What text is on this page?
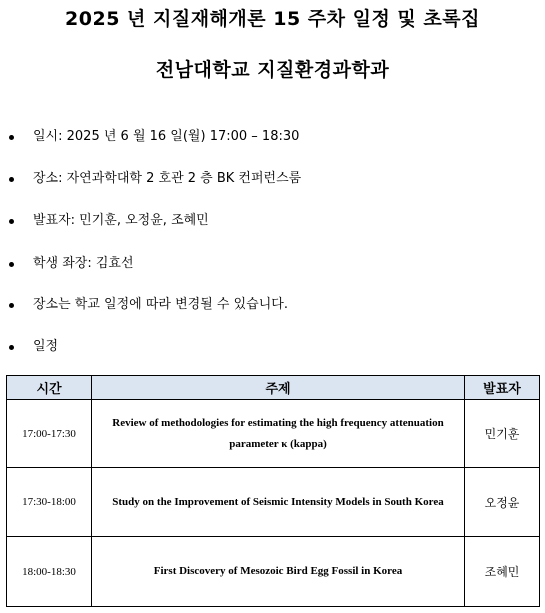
2025 년 지질재해개론 15 주차 일정 및 초록집
전남대학교 지질환경과학과
일시: 2025 년 6 월 16 일(월) 17:00 – 18:30
장소: 자연과학대학 2 호관 2 층 BK 컨퍼런스룸
발표자: 민기훈, 오정윤, 조혜민
학생 좌장: 김효선
장소는 학교 일정에 따라 변경될 수 있습니다.
일정
시간	주제	발표자
17:00-17:30	Review of methodologies for estimating the high frequency attenuation parameter κ (kappa)	민기훈
17:30-18:00	Study on the Improvement of Seismic Intensity Models in South Korea	오정윤
18:00-18:30	First Discovery of Mesozoic Bird Egg Fossil in Korea	조혜민
